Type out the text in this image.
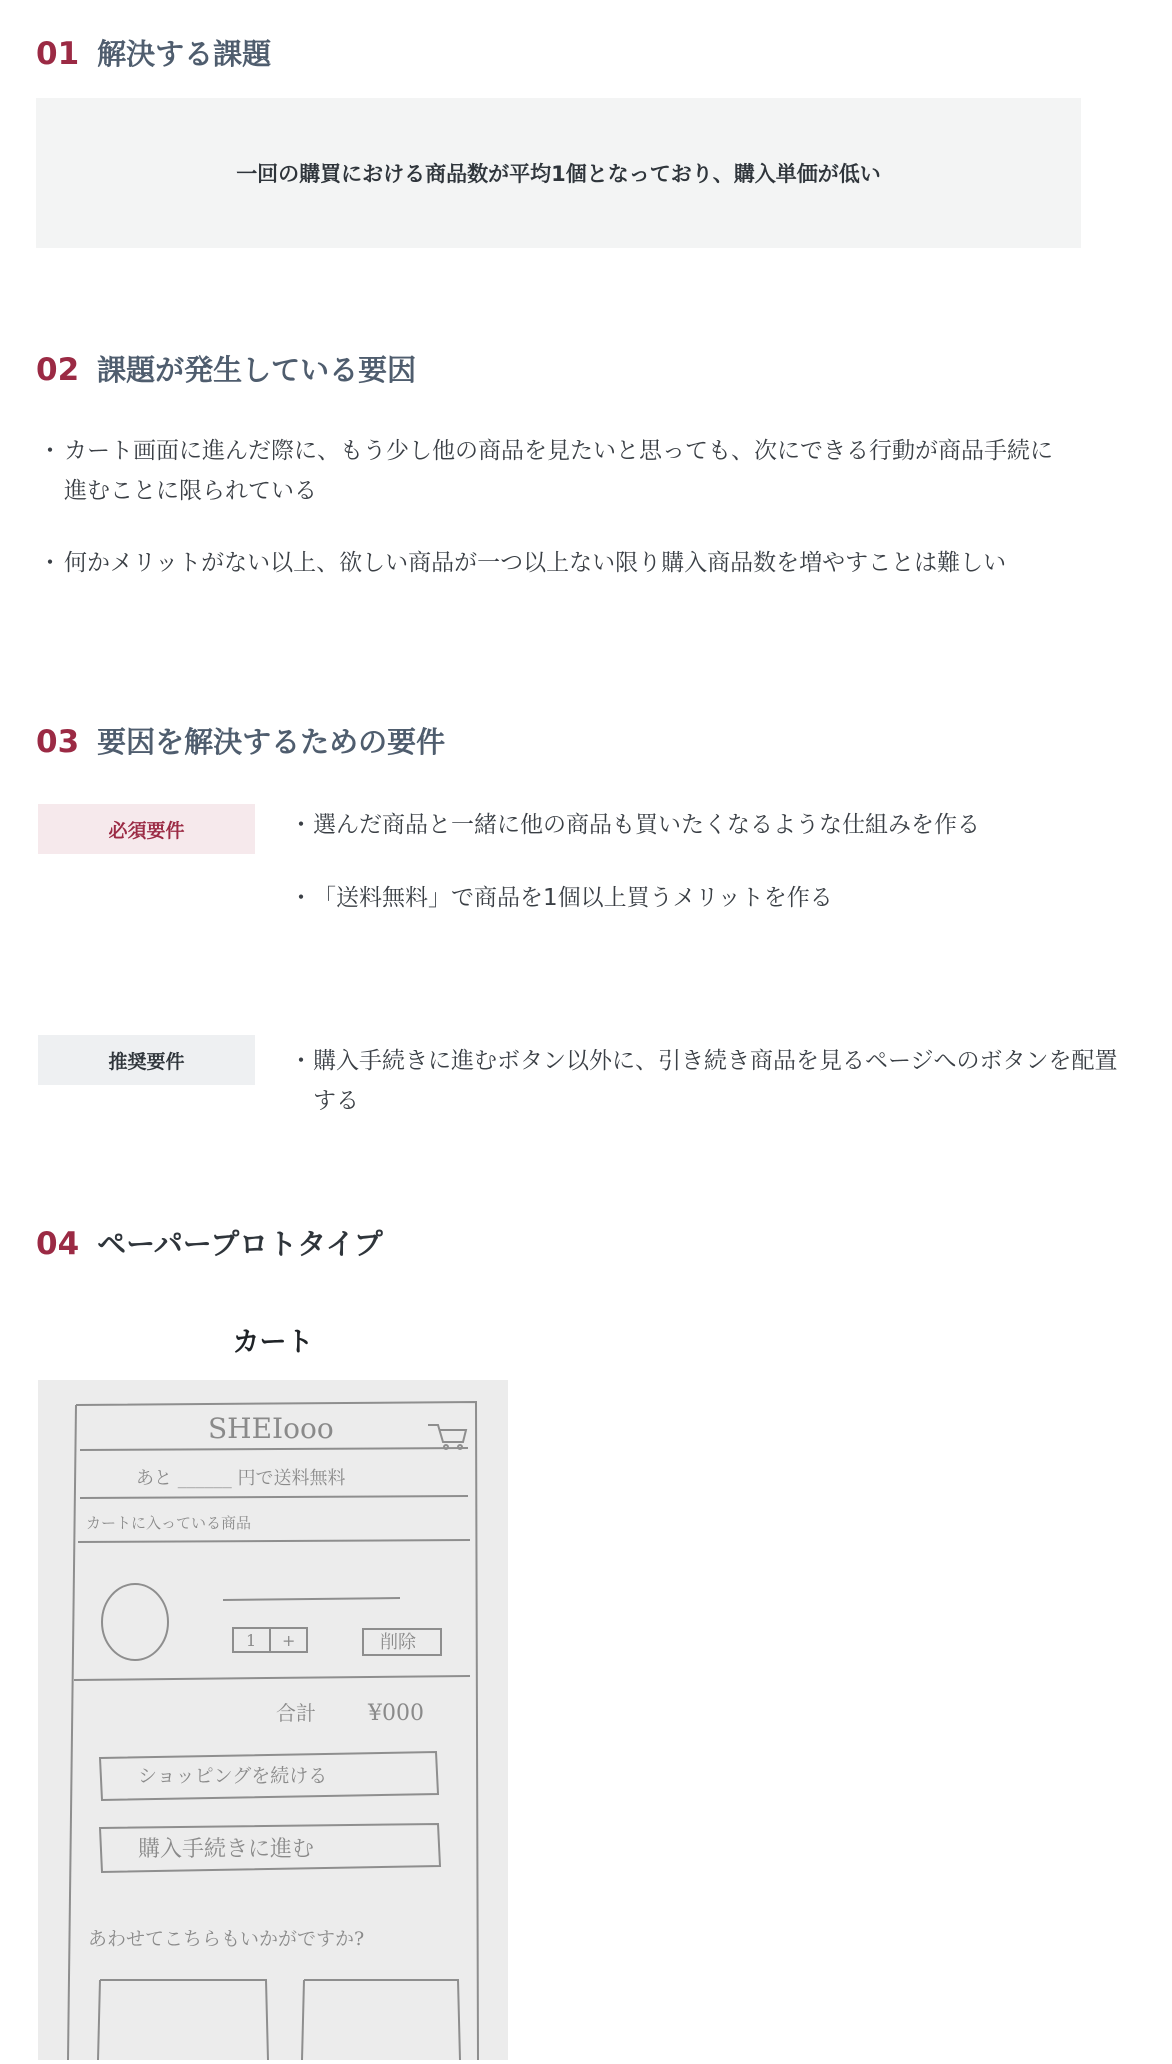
01 解決する課題
一回の購買における商品数が平均1個となっており、購入単価が低い
02 課題が発生している要因
・ カート画面に進んだ際に、もう少し他の商品を見たいと思っても、次にできる行動が商品手続に進むことに限られている
・ 何かメリットがない以上、欲しい商品が一つ以上ない限り購入商品数を増やすことは難しい
03 要因を解決するための要件
必須要件	・ 選んだ商品と一緒に他の商品も買いたくなるような仕組みを作る
・ 「送料無料」で商品を1個以上買うメリットを作る
推奨要件	・ 購入手続きに進むボタン以外に、引き続き商品を見るページへのボタンを配置する
04 ペーパープロトタイプ
カート
SHEIooo
あと ______ 円で送料無料
カートに入っている商品
1 +	削除
合計 ¥000
ショッピングを続ける
購入手続きに進む
あわせてこちらもいかがですか?
